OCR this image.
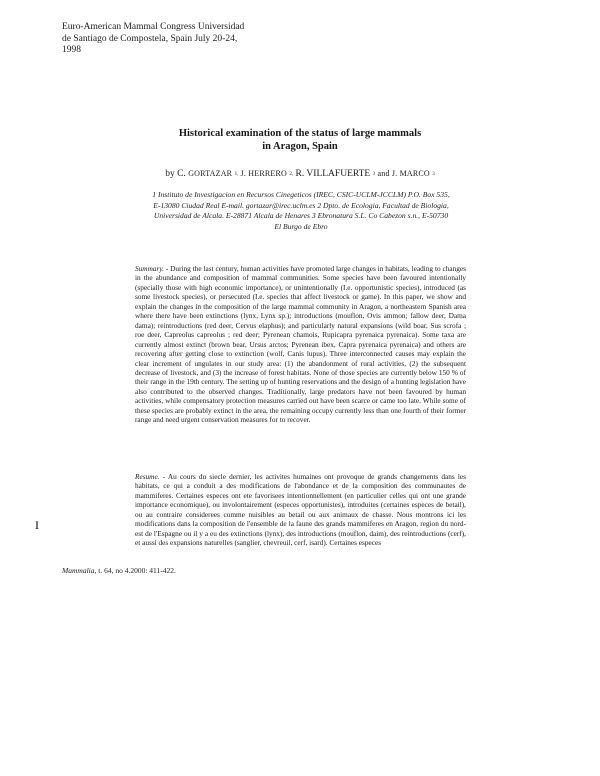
Euro-American Mammal Congress Universidad
de Santiago de Compostela, Spain July 20-24,
1998
Historical examination of the status of large mammals
in Aragon, Spain
by C. GORTAZAR $^{1,}$ J. HERRERO $^{2,}$ R. VILLAFUERTE $^3$ and J. MARCO $^3$
1 Instituto de Investigacion en Recursos Cinegeticos (IREC, CSIC-UCLM-JCCLM) P.O. Box 535,
E-13080 Ciudad Real E-mail. gortazar@irec.uclm.es 2 Dpto. de Ecologia, Facultad de Biologia,
Universidad de Alcala. E-28871 Alcala de Henares 3 Ebronatura S.L. Co Cabezon s.n., E-50730
El Burgo de Ebro
Summary. - During the last century, human activities have promoted large changes in habitats, leading to changes in the abundance and composition of mammal communities. Some species have been favoured intentionally (specially those with high economic importance), or unintentionally (I.e. opportunistic species), introduced (as some livestock species), or persecuted (I.e. species that affect livestock or game). In this paper, we show and explain the changes in the composition of the large mammal community in Aragon, a northeastern Spanish area where there have been extinctions (lynx, Lynx sp.); introductions (mouflon, Ovis ammon; fallow deer, Dama dama); reintroductions (red deer, Cervus elaphus); and particularly natural expansions (wild boar, Sus scrofa ; roe deer, Capreolus capreolus ; red deer; Pyrenean chamois, Rupicapra pyrenaica pyrenaica). Some taxa are currently almost extinct (brown bear, Ursus arctos; Pyrenean ibex, Capra pyrenaica pyrenaica) and others are recovering after getting close to extinction (wolf, Canis lupus). Three interconnected causes may explain the clear increment of ungulates in our study area: (1) the abandonment of rural activities, (2) the subsequent decrease of livestock, and (3) the increase of forest habitats. None of those species are currently below 150 % of their range in the 19th century. The setting up of hunting reservations and the design of a hunting legislation have also contributed to the observed changes. Traditionally, large predators have not been favoured by human activities, while compensatory protection measures carried out have been scarce or came too late. While some of these species are probably extinct in the area, the remaining occupy currently less than one fourth of their former range and need urgent conservation measures for to recover.
Resume. - Au cours du siecle dernier, les activites humaines ont provoque de grands changements dans les habitats, ce qui a conduit a des modifications de l'abondance et de la composition des communautes de mammiferes. Certaines especes ont ete favorisees intentionnellement (en particulier celles qui ont une grande importance economique), ou involontairement (especes opportunistes), introduites (certaines especes de betail), ou au contraire considerees comme nuisibles au betail ou aux animaux de chasse. Nous montrons ici les modifications dans la composition de l'ensemble de la faune des grands mammiferes en Aragon, region du nord-est de l'Espagne ou il y a eu des extinctions (lynx), des introductions (mouflon, daim), des reintroductions (cerf), et aussi des expansions naturelles (sanglier, chevreuil, cerf, isard). Certaines especes
I
Mammalia, t. 64, no 4.2000: 411-422.
